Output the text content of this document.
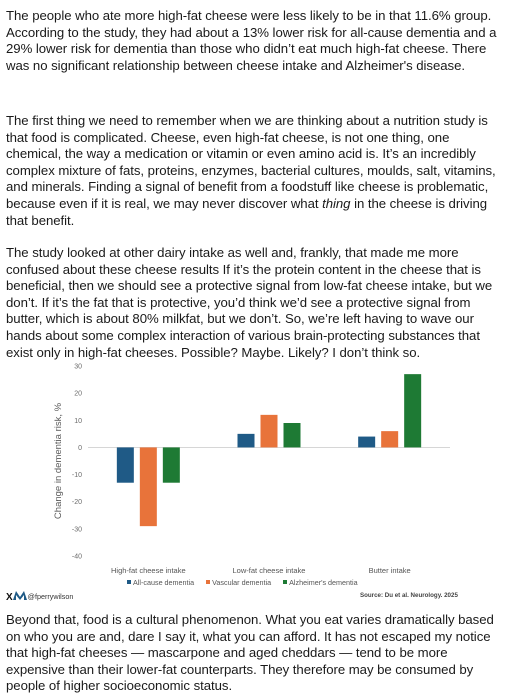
The people who ate more high-fat cheese were less likely to be in that 11.6% group. According to the study, they had about a 13% lower risk for all-cause dementia and a 29% lower risk for dementia than those who didn’t eat much high-fat cheese. There was no significant relationship between cheese intake and Alzheimer's disease.

The first thing we need to remember when we are thinking about a nutrition study is that food is complicated. Cheese, even high-fat cheese, is not one thing, one chemical, the way a medication or vitamin or even amino acid is. It’s an incredibly complex mixture of fats, proteins, enzymes, bacterial cultures, moulds, salt, vitamins, and minerals. Finding a signal of benefit from a foodstuff like cheese is problematic, because even if it is real, we may never discover what thing in the cheese is driving that benefit.

The study looked at other dairy intake as well and, frankly, that made me more confused about these cheese results If it’s the protein content in the cheese that is beneficial, then we should see a protective signal from low-fat cheese intake, but we don’t. If it’s the fat that is protective, you’d think we’d see a protective signal from butter, which is about 80% milkfat, but we don’t. So, we’re left having to wave our hands about some complex interaction of various brain-protecting substances that exist only in high-fat cheeses. Possible? Maybe. Likely? I don’t think so.

30
20
10
0
-10
-20
-30
-40
Change in dementia risk, %
High-fat cheese intake	Low-fat cheese intake	Butter intake
All-cause dementia	Vascular dementia	Alzheimer's dementia
X @fperrywilson	Source: Du et al. Neurology. 2025

Beyond that, food is a cultural phenomenon. What you eat varies dramatically based on who you are and, dare I say it, what you can afford. It has not escaped my notice that high-fat cheeses — mascarpone and aged cheddars — tend to be more expensive than their lower-fat counterparts. They therefore may be consumed by people of higher socioeconomic status.
